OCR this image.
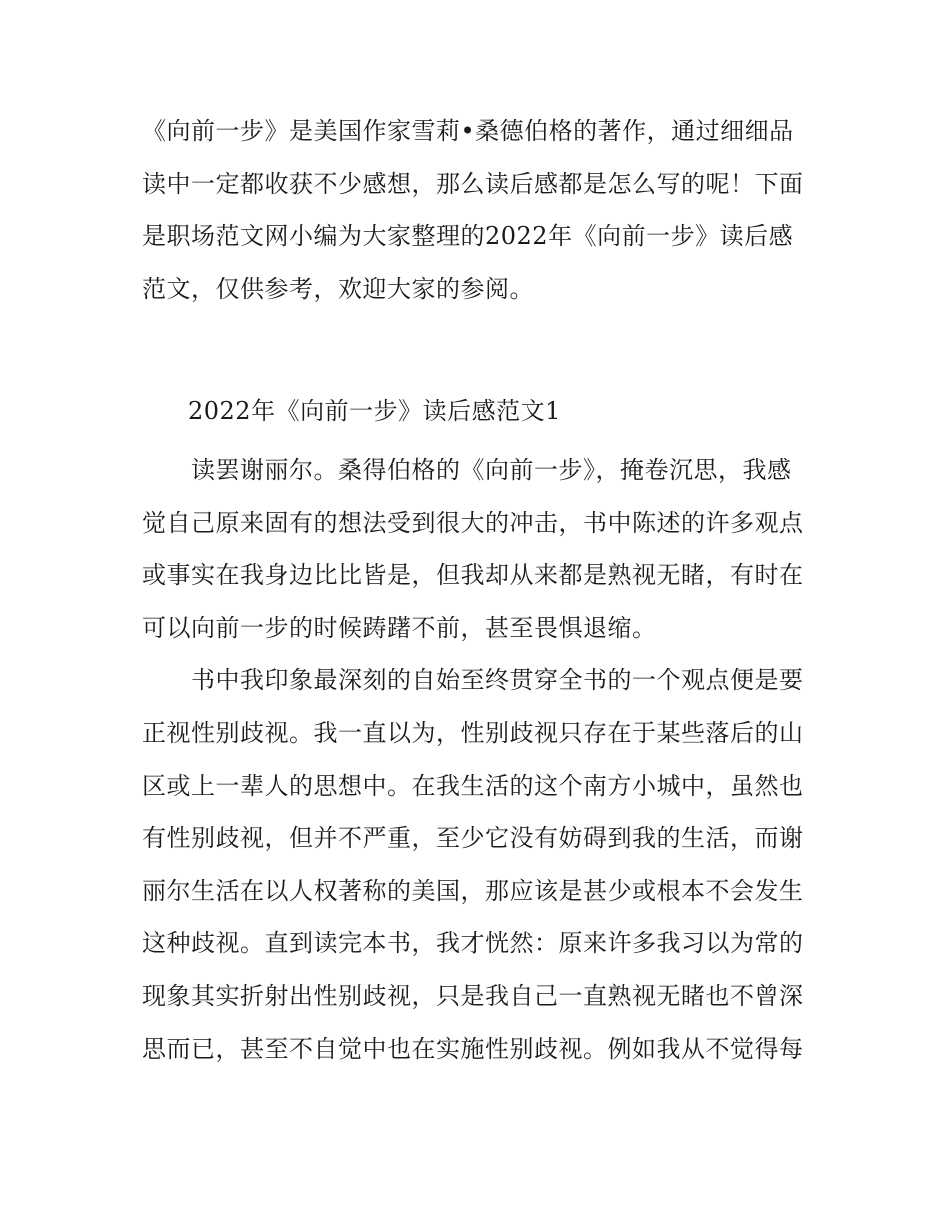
《向前一步》是美国作家雪莉•桑德伯格的著作，通过细细品
读中一定都收获不少感想，那么读后感都是怎么写的呢！下面
是职场范文网小编为大家整理的2022年《向前一步》读后感
范文，仅供参考，欢迎大家的参阅。
2022年《向前一步》读后感范文1
　　读罢谢丽尔。桑得伯格的《向前一步》，掩卷沉思，我感
觉自己原来固有的想法受到很大的冲击，书中陈述的许多观点
或事实在我身边比比皆是，但我却从来都是熟视无睹，有时在
可以向前一步的时候踌躇不前，甚至畏惧退缩。
　　书中我印象最深刻的自始至终贯穿全书的一个观点便是要
正视性别歧视。我一直以为，性别歧视只存在于某些落后的山
区或上一辈人的思想中。在我生活的这个南方小城中，虽然也
有性别歧视，但并不严重，至少它没有妨碍到我的生活，而谢
丽尔生活在以人权著称的美国，那应该是甚少或根本不会发生
这种歧视。直到读完本书，我才恍然：原来许多我习以为常的
现象其实折射出性别歧视，只是我自己一直熟视无睹也不曾深
思而已，甚至不自觉中也在实施性别歧视。例如我从不觉得每
